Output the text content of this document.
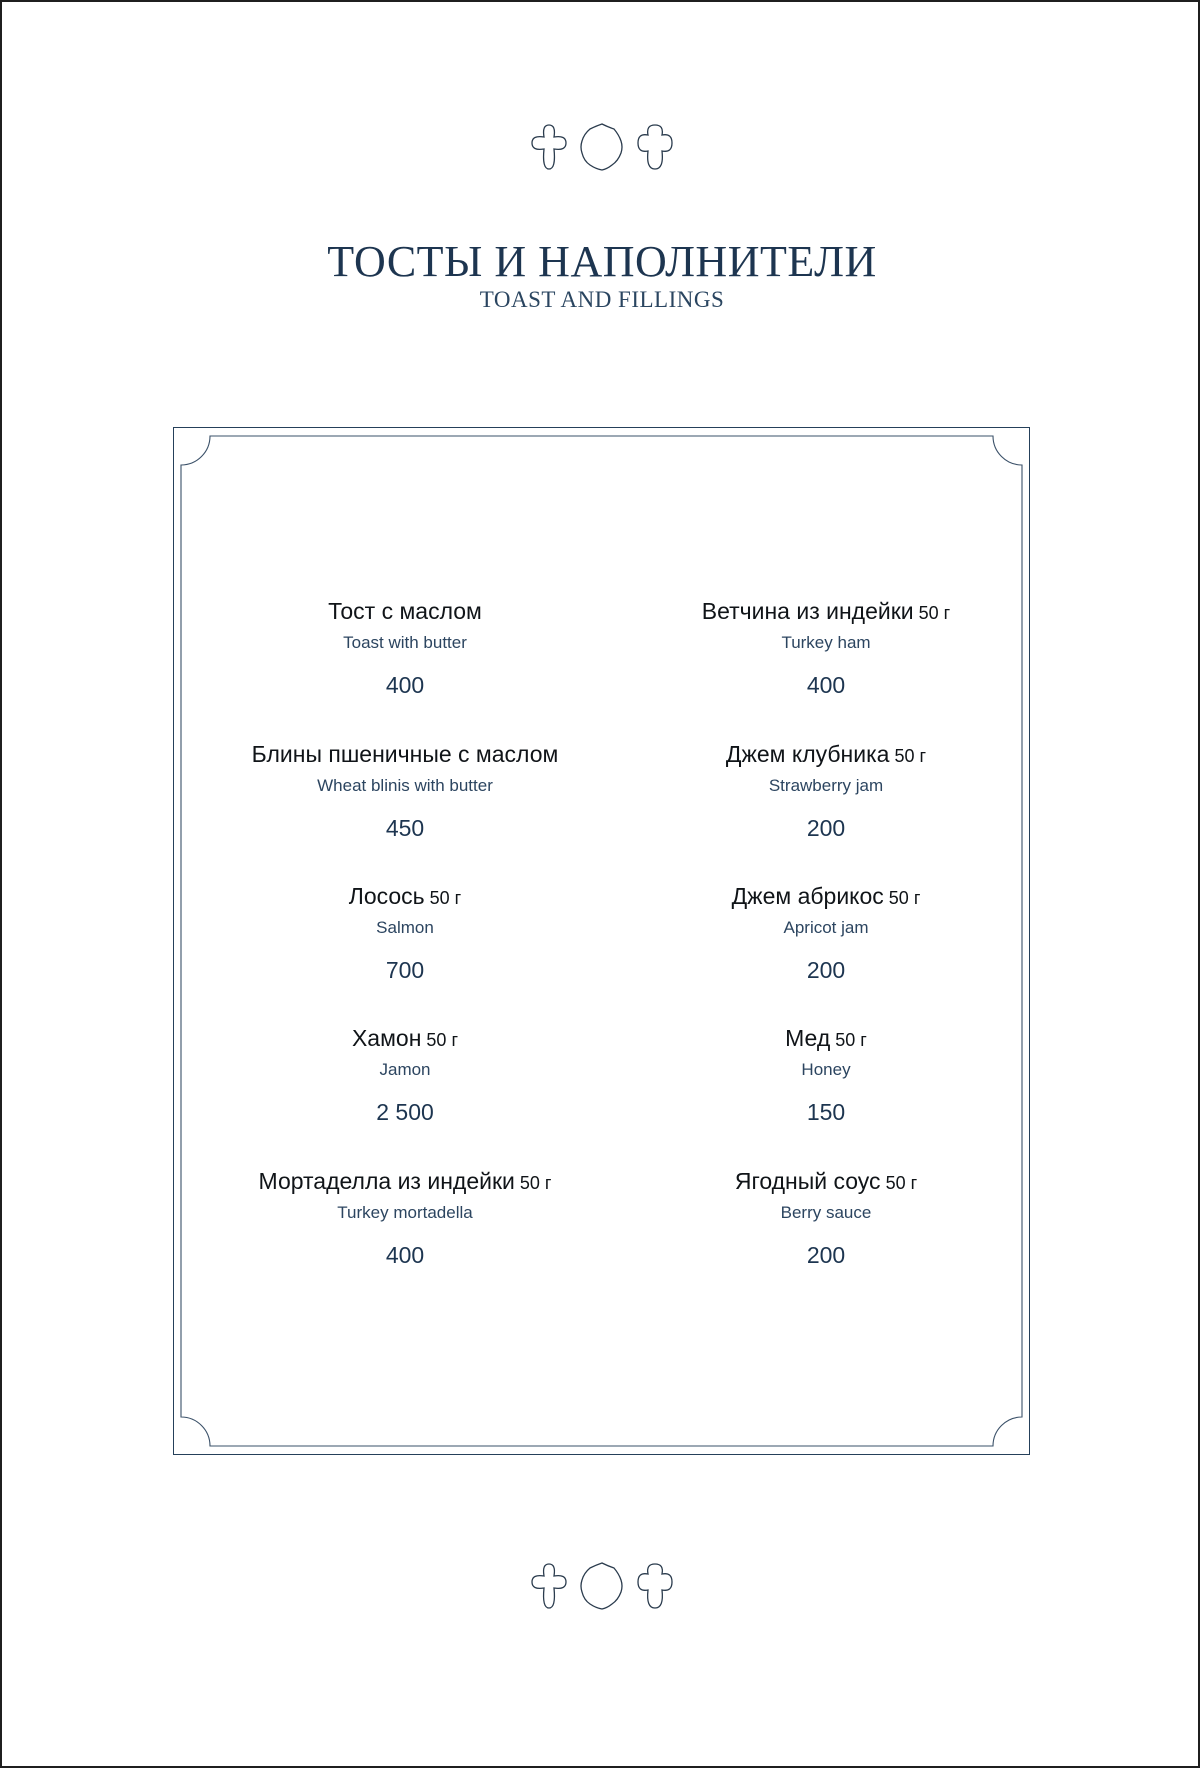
ТОСТЫ И НАПОЛНИТЕЛИ
TOAST AND FILLINGS
Тост с маслом
Toast with butter
400
Блины пшеничные с маслом
Wheat blinis with butter
450
Лосось 50 г
Salmon
700
Хамон 50 г
Jamon
2 500
Мортаделла из индейки 50 г
Turkey mortadella
400
Ветчина из индейки 50 г
Turkey ham
400
Джем клубника 50 г
Strawberry jam
200
Джем абрикос 50 г
Apricot jam
200
Мед 50 г
Honey
150
Ягодный соус 50 г
Berry sauce
200
